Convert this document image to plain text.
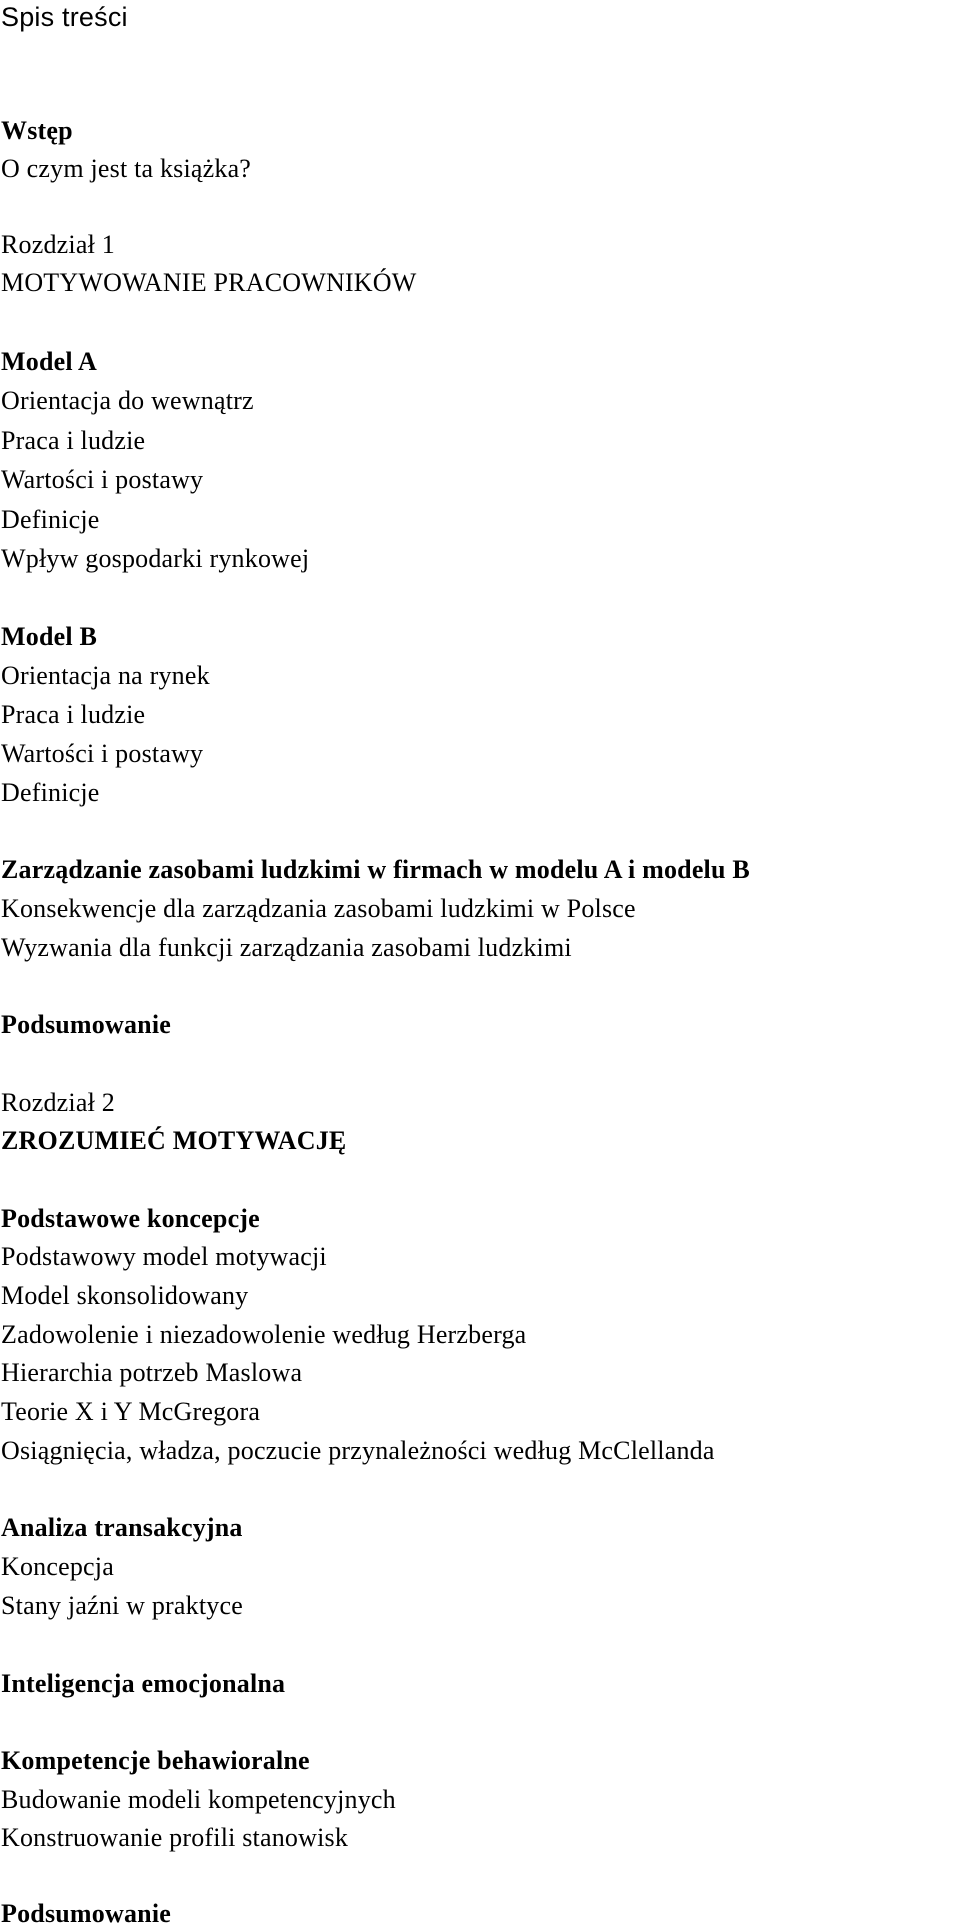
Spis treści
Wstęp
O czym jest ta książka?
Rozdział 1
MOTYWOWANIE PRACOWNIKÓW
Model A
Orientacja do wewnątrz
Praca i ludzie
Wartości i postawy
Definicje
Wpływ gospodarki rynkowej
Model B
Orientacja na rynek
Praca i ludzie
Wartości i postawy
Definicje
Zarządzanie zasobami ludzkimi w firmach w modelu A i modelu B
Konsekwencje dla zarządzania zasobami ludzkimi w Polsce
Wyzwania dla funkcji zarządzania zasobami ludzkimi
Podsumowanie
Rozdział 2
ZROZUMIEĆ MOTYWACJĘ
Podstawowe koncepcje
Podstawowy model motywacji
Model skonsolidowany
Zadowolenie i niezadowolenie według Herzberga
Hierarchia potrzeb Maslowa
Teorie X i Y McGregora
Osiągnięcia, władza, poczucie przynależności według McClellanda
Analiza transakcyjna
Koncepcja
Stany jaźni w praktyce
Inteligencja emocjonalna
Kompetencje behawioralne
Budowanie modeli kompetencyjnych
Konstruowanie profili stanowisk
Podsumowanie
